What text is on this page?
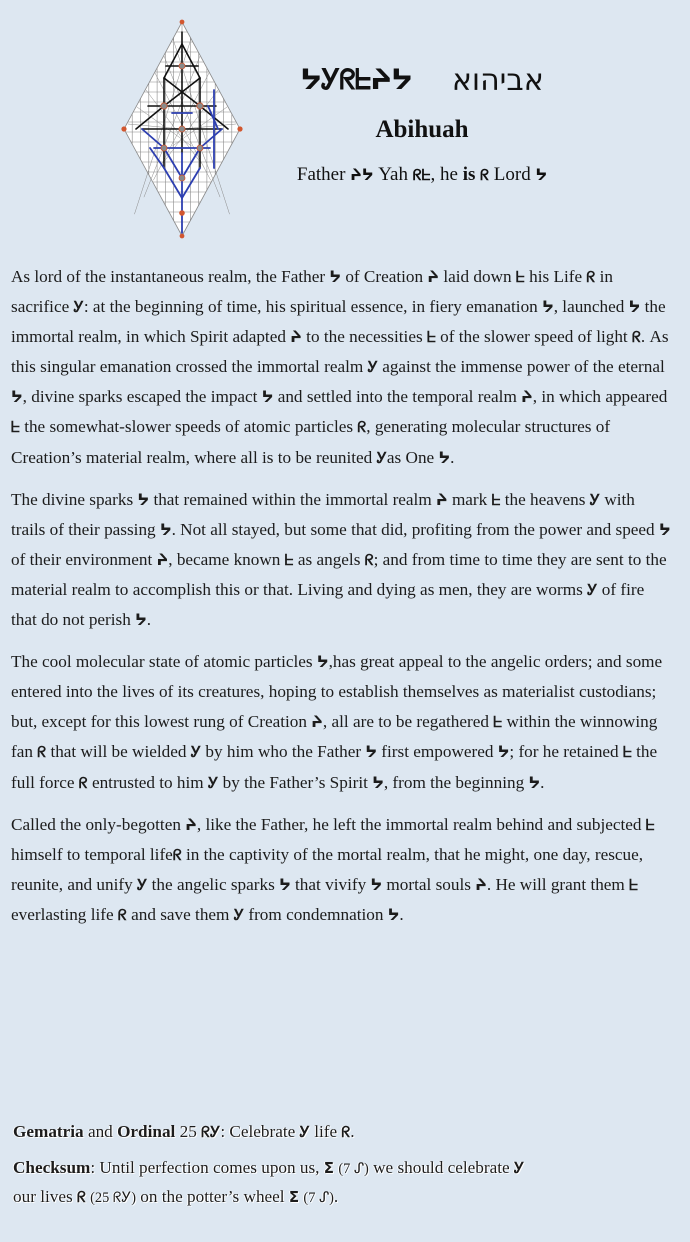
ᔭᎩᖇᖶᔨᔭ אביהוא
Abihuah
Father ᔨᔭ Yah ᖇᖶ, he is ᖇ Lord ᔭ

As lord of the instantaneous realm, the Father ᔭ of Creation ᔨ laid down ᖶ his Life ᖇ in sacrifice Ꭹ: at the beginning of time, his spiritual essence, in fiery emanation ᔭ, launched ᔭ the immortal realm, in which Spirit adapted ᔨ to the necessities ᖶ of the slower speed of light ᖇ. As this singular emanation crossed the immortal realm Ꭹ against the immense power of the eternal ᔭ, divine sparks escaped the impact ᔭ and settled into the temporal realm ᔨ, in which appeared ᖶ the somewhat-slower speeds of atomic particles ᖇ, generating molecular structures of Creation’s material realm, where all is to be reunited Ꭹas One ᔭ.

The divine sparks ᔭ that remained within the immortal realm ᔨ mark ᖶ the heavens Ꭹ with trails of their passing ᔭ. Not all stayed, but some that did, profiting from the power and speed ᔭ of their environment ᔨ, became known ᖶ as angels ᖇ; and from time to time they are sent to the material realm to accomplish this or that. Living and dying as men, they are worms Ꭹ of fire that do not perish ᔭ.

The cool molecular state of atomic particles ᔭ,has great appeal to the angelic orders; and some entered into the lives of its creatures, hoping to establish themselves as materialist custodians; but, except for this lowest rung of Creation ᔨ, all are to be regathered ᖶ within the winnowing fan ᖇ that will be wielded Ꭹ by him who the Father ᔭ first empowered ᔭ; for he retained ᖶ the full force ᖇ entrusted to him Ꭹ by the Father’s Spirit ᔭ, from the beginning ᔭ.

Called the only-begotten ᔨ, like the Father, he left the immortal realm behind and subjected ᖶ himself to temporal lifeᖇ in the captivity of the mortal realm, that he might, one day, rescue, reunite, and unify Ꭹ the angelic sparks ᔭ that vivify ᔭ mortal souls ᔨ. He will grant them ᖶ everlasting life ᖇ and save them Ꭹ from condemnation ᔭ.

Gematria and Ordinal 25 ᖇᎩ: Celebrate Ꭹ life ᖇ.

Checksum: Until perfection comes upon us, Σ (7 ᔑ) we should celebrate Ꭹ
our lives ᖇ (25 ᖇᎩ) on the potter’s wheel Σ (7 ᔑ).
